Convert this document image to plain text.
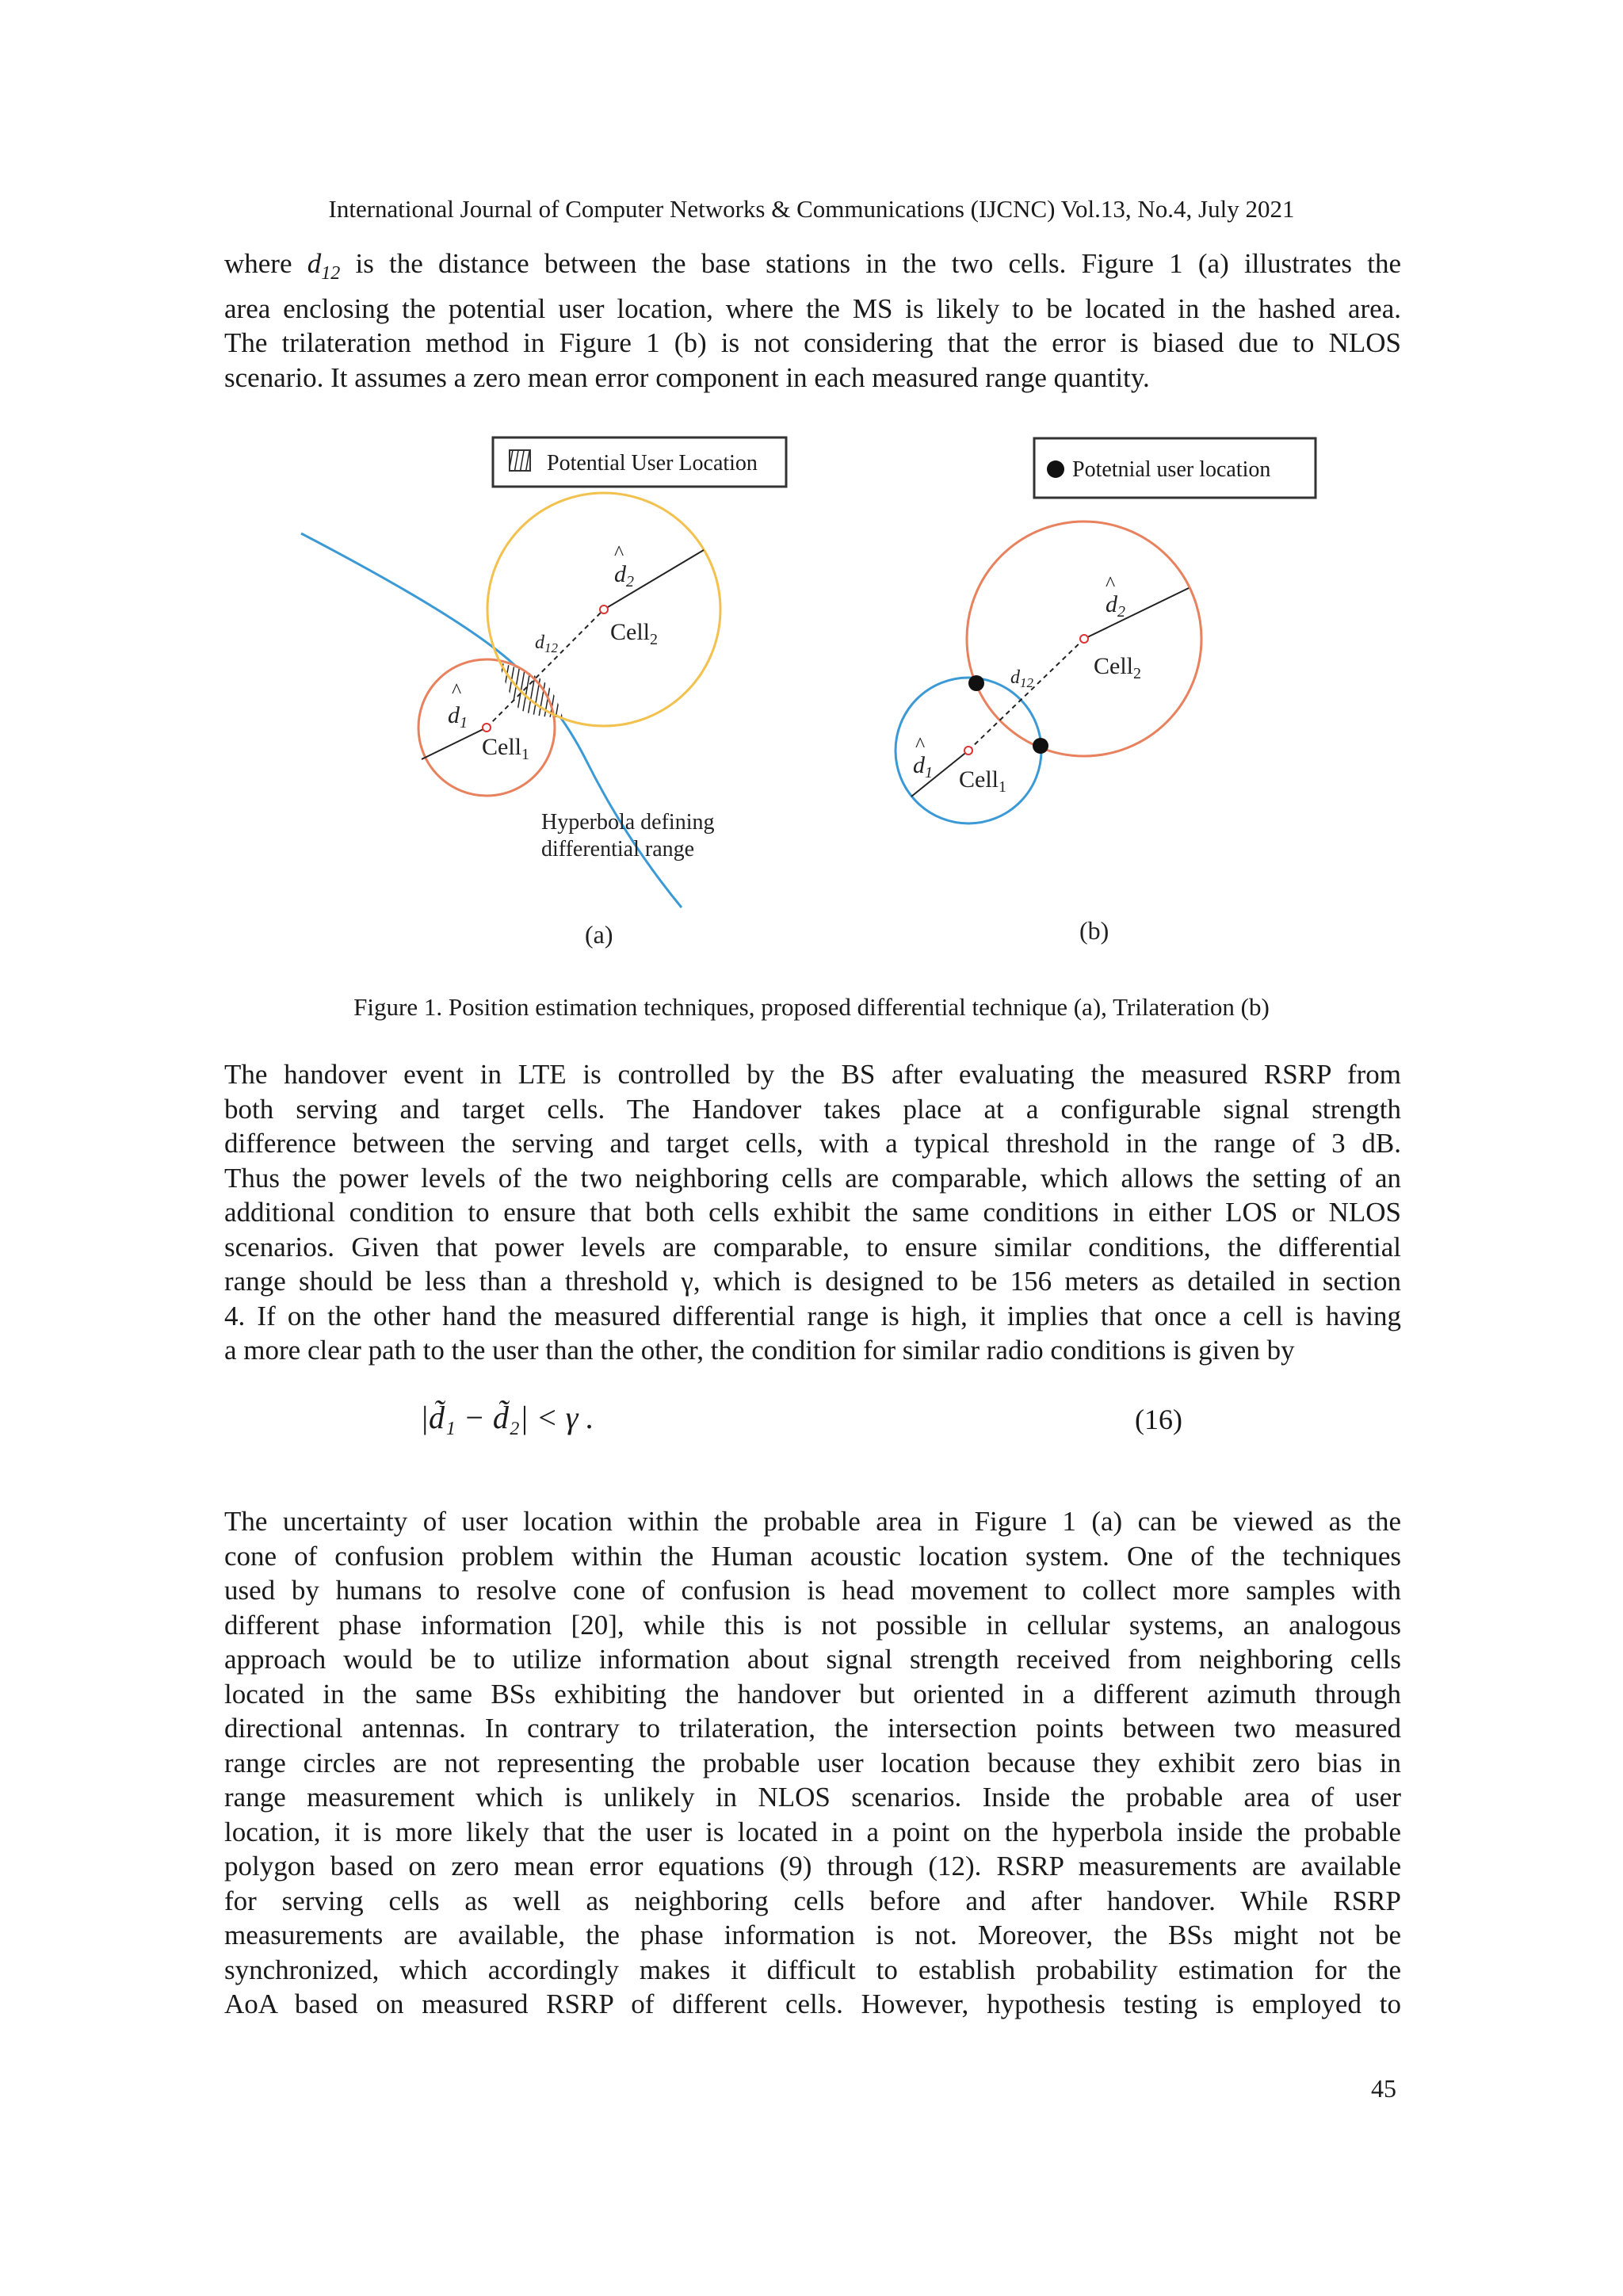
International Journal of Computer Networks & Communications (IJCNC) Vol.13, No.4, July 2021
where $d_{12}$ is the distance between the base stations in the two cells. Figure 1 (a) illustrates the
area enclosing the potential user location, where the MS is likely to be located in the hashed area.
The trilateration method in Figure 1 (b) is not considering that the error is biased due to NLOS
scenario. It assumes a zero mean error component in each measured range quantity.
Potential User Location	Potetnial user location
^
$d_1$
Cell$_1$
^
$d_2$
Cell$_2$
$d_{12}$
Hyperbola defining
differential range
(a)
^
$d_2$
Cell$_2$
$d_{12}$
^
$d_1$ Cell$_1$
(b)
Figure 1. Position estimation techniques, proposed differential technique (a), Trilateration (b)
The handover event in LTE is controlled by the BS after evaluating the measured RSRP from
both serving and target cells. The Handover takes place at a configurable signal strength
difference between the serving and target cells, with a typical threshold in the range of 3 dB.
Thus the power levels of the two neighboring cells are comparable, which allows the setting of an
additional condition to ensure that both cells exhibit the same conditions in either LOS or NLOS
scenarios. Given that power levels are comparable, to ensure similar conditions, the differential
range should be less than a threshold γ, which is designed to be 156 meters as detailed in section
4. If on the other hand the measured differential range is high, it implies that once a cell is having
a more clear path to the user than the other, the condition for similar radio conditions is given by
|d̃₁ − d̃₂| < γ .	(16)
The uncertainty of user location within the probable area in Figure 1 (a) can be viewed as the
cone of confusion problem within the Human acoustic location system. One of the techniques
used by humans to resolve cone of confusion is head movement to collect more samples with
different phase information [20], while this is not possible in cellular systems, an analogous
approach would be to utilize information about signal strength received from neighboring cells
located in the same BSs exhibiting the handover but oriented in a different azimuth through
directional antennas. In contrary to trilateration, the intersection points between two measured
range circles are not representing the probable user location because they exhibit zero bias in
range measurement which is unlikely in NLOS scenarios. Inside the probable area of user
location, it is more likely that the user is located in a point on the hyperbola inside the probable
polygon based on zero mean error equations (9) through (12). RSRP measurements are available
for serving cells as well as neighboring cells before and after handover. While RSRP
measurements are available, the phase information is not. Moreover, the BSs might not be
synchronized, which accordingly makes it difficult to establish probability estimation for the
AoA based on measured RSRP of different cells. However, hypothesis testing is employed to
45
